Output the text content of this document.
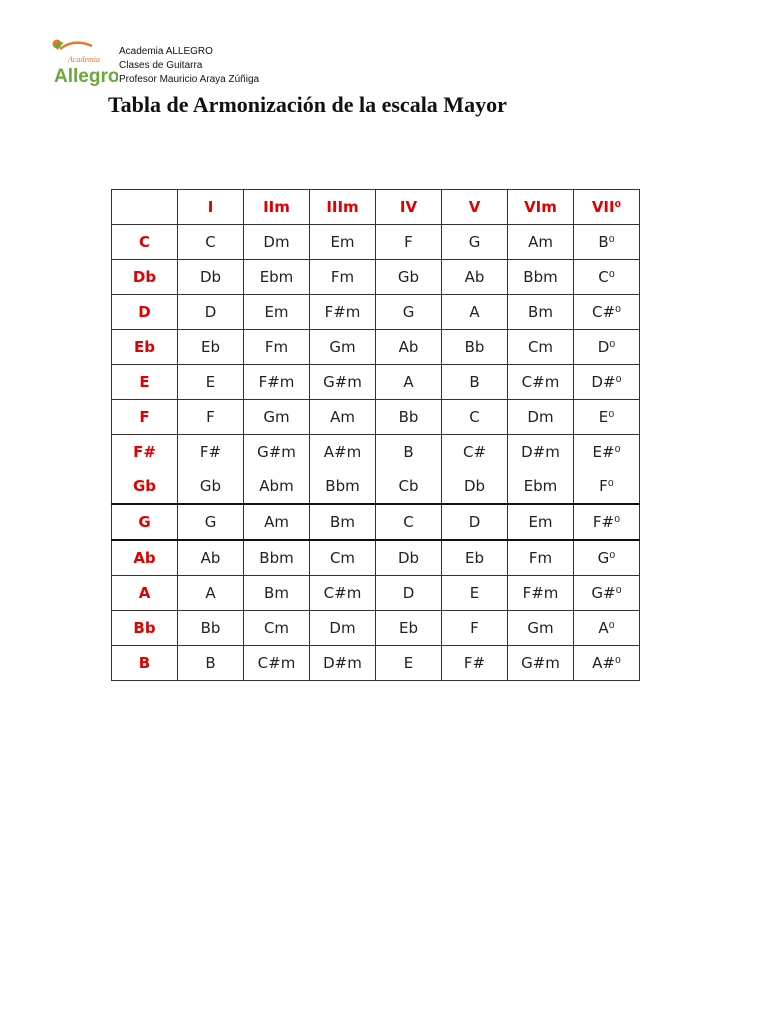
Academia
Allegro
Academia ALLEGRO
Clases de Guitarra
Profesor Mauricio Araya Zúñiga
Tabla de Armonización de la escala Mayor
	I	IIm	IIIm	IV	V	VIm	VII⁰
C	C	Dm	Em	F	G	Am	B⁰
Db	Db	Ebm	Fm	Gb	Ab	Bbm	C⁰
D	D	Em	F#m	G	A	Bm	C#⁰
Eb	Eb	Fm	Gm	Ab	Bb	Cm	D⁰
E	E	F#m	G#m	A	B	C#m	D#⁰
F	F	Gm	Am	Bb	C	Dm	E⁰
F#	F#	G#m	A#m	B	C#	D#m	E#⁰
Gb	Gb	Abm	Bbm	Cb	Db	Ebm	F⁰
G	G	Am	Bm	C	D	Em	F#⁰
Ab	Ab	Bbm	Cm	Db	Eb	Fm	G⁰
A	A	Bm	C#m	D	E	F#m	G#⁰
Bb	Bb	Cm	Dm	Eb	F	Gm	A⁰
B	B	C#m	D#m	E	F#	G#m	A#⁰
